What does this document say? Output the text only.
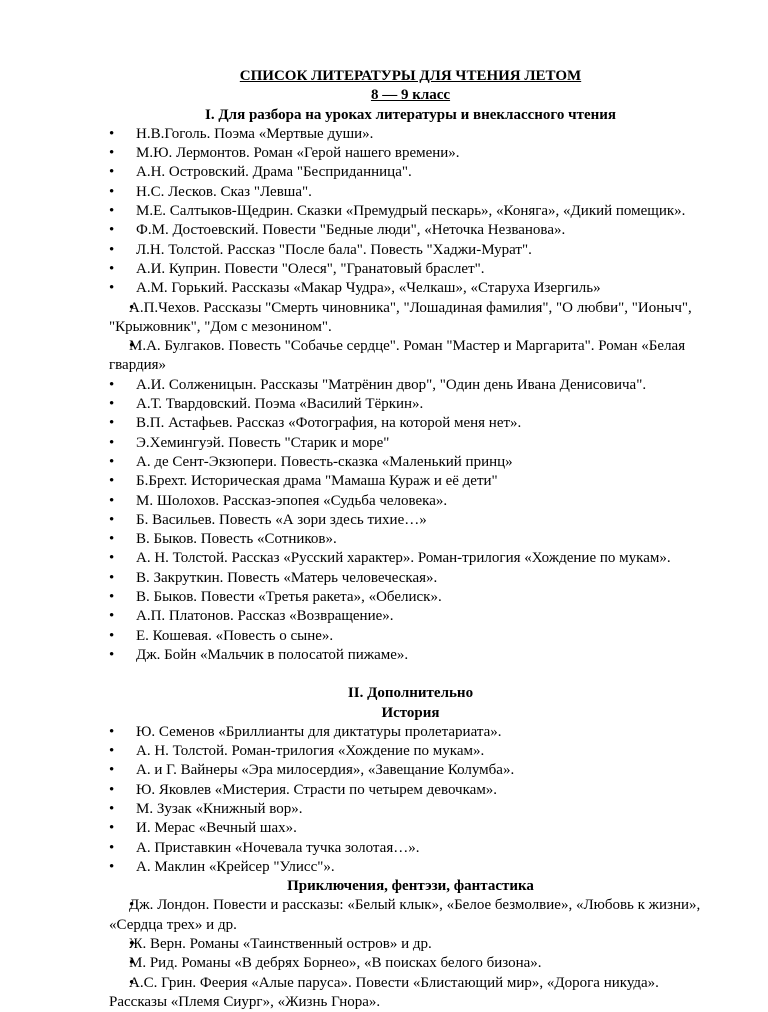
СПИСОК ЛИТЕРАТУРЫ ДЛЯ ЧТЕНИЯ ЛЕТОМ
8 — 9 класс
I. Для разбора на уроках литературы и внеклассного чтения
• Н.В.Гоголь. Поэма «Мертвые души».
• М.Ю. Лермонтов. Роман «Герой нашего времени».
• А.Н. Островский. Драма "Бесприданница".
• Н.С. Лесков. Сказ "Левша".
• М.Е. Салтыков-Щедрин. Сказки «Премудрый пескарь», «Коняга», «Дикий помещик».
• Ф.М. Достоевский. Повести "Бедные люди", «Неточка Незванова».
• Л.Н. Толстой. Рассказ "После бала". Повесть "Хаджи-Мурат".
• А.И. Куприн. Повести "Олеся", "Гранатовый браслет".
• А.М. Горький. Рассказы «Макар Чудра», «Челкаш», «Старуха Изергиль»
• А.П.Чехов. Рассказы "Смерть чиновника", "Лошадиная фамилия", "О любви", "Ионыч", "Крыжовник", "Дом с мезонином".
• М.А. Булгаков. Повесть "Собачье сердце". Роман "Мастер и Маргарита". Роман «Белая гвардия»
• А.И. Солженицын. Рассказы "Матрёнин двор", "Один день Ивана Денисовича".
• А.Т. Твардовский. Поэма «Василий Тёркин».
• В.П. Астафьев. Рассказ «Фотография, на которой меня нет».
• Э.Хемингуэй. Повесть "Старик и море"
• А. де Сент-Экзюпери. Повесть-сказка «Маленький принц»
• Б.Брехт. Историческая драма "Мамаша Кураж и её дети"
• М. Шолохов. Рассказ-эпопея «Судьба человека».
• Б. Васильев. Повесть «А зори здесь тихие…»
• В. Быков. Повесть «Сотников».
• А. Н. Толстой. Рассказ «Русский характер». Роман-трилогия «Хождение по мукам».
• В. Закруткин. Повесть «Матерь человеческая».
• В. Быков. Повести «Третья ракета», «Обелиск».
• А.П. Платонов. Рассказ «Возвращение».
• Е. Кошевая. «Повесть о сыне».
• Дж. Бойн «Мальчик в полосатой пижаме».
II. Дополнительно
История
• Ю. Семенов «Бриллианты для диктатуры пролетариата».
• А. Н. Толстой. Роман-трилогия «Хождение по мукам».
• А. и Г. Вайнеры «Эра милосердия», «Завещание Колумба».
• Ю. Яковлев «Мистерия. Страсти по четырем девочкам».
• М. Зузак «Книжный вор».
• И. Мерас «Вечный шах».
• А. Приставкин «Ночевала тучка золотая…».
• А. Маклин «Крейсер "Улисс"».
Приключения, фентэзи, фантастика
• Дж. Лондон. Повести и рассказы: «Белый клык», «Белое безмолвие», «Любовь к жизни», «Сердца трех» и др.
• Ж. Верн. Романы «Таинственный остров» и др.
• М. Рид. Романы «В дебрях Борнео», «В поисках белого бизона».
• А.С. Грин. Феерия «Алые паруса». Повести «Блистающий мир», «Дорога никуда». Рассказы «Племя Сиург», «Жизнь Гнора».
